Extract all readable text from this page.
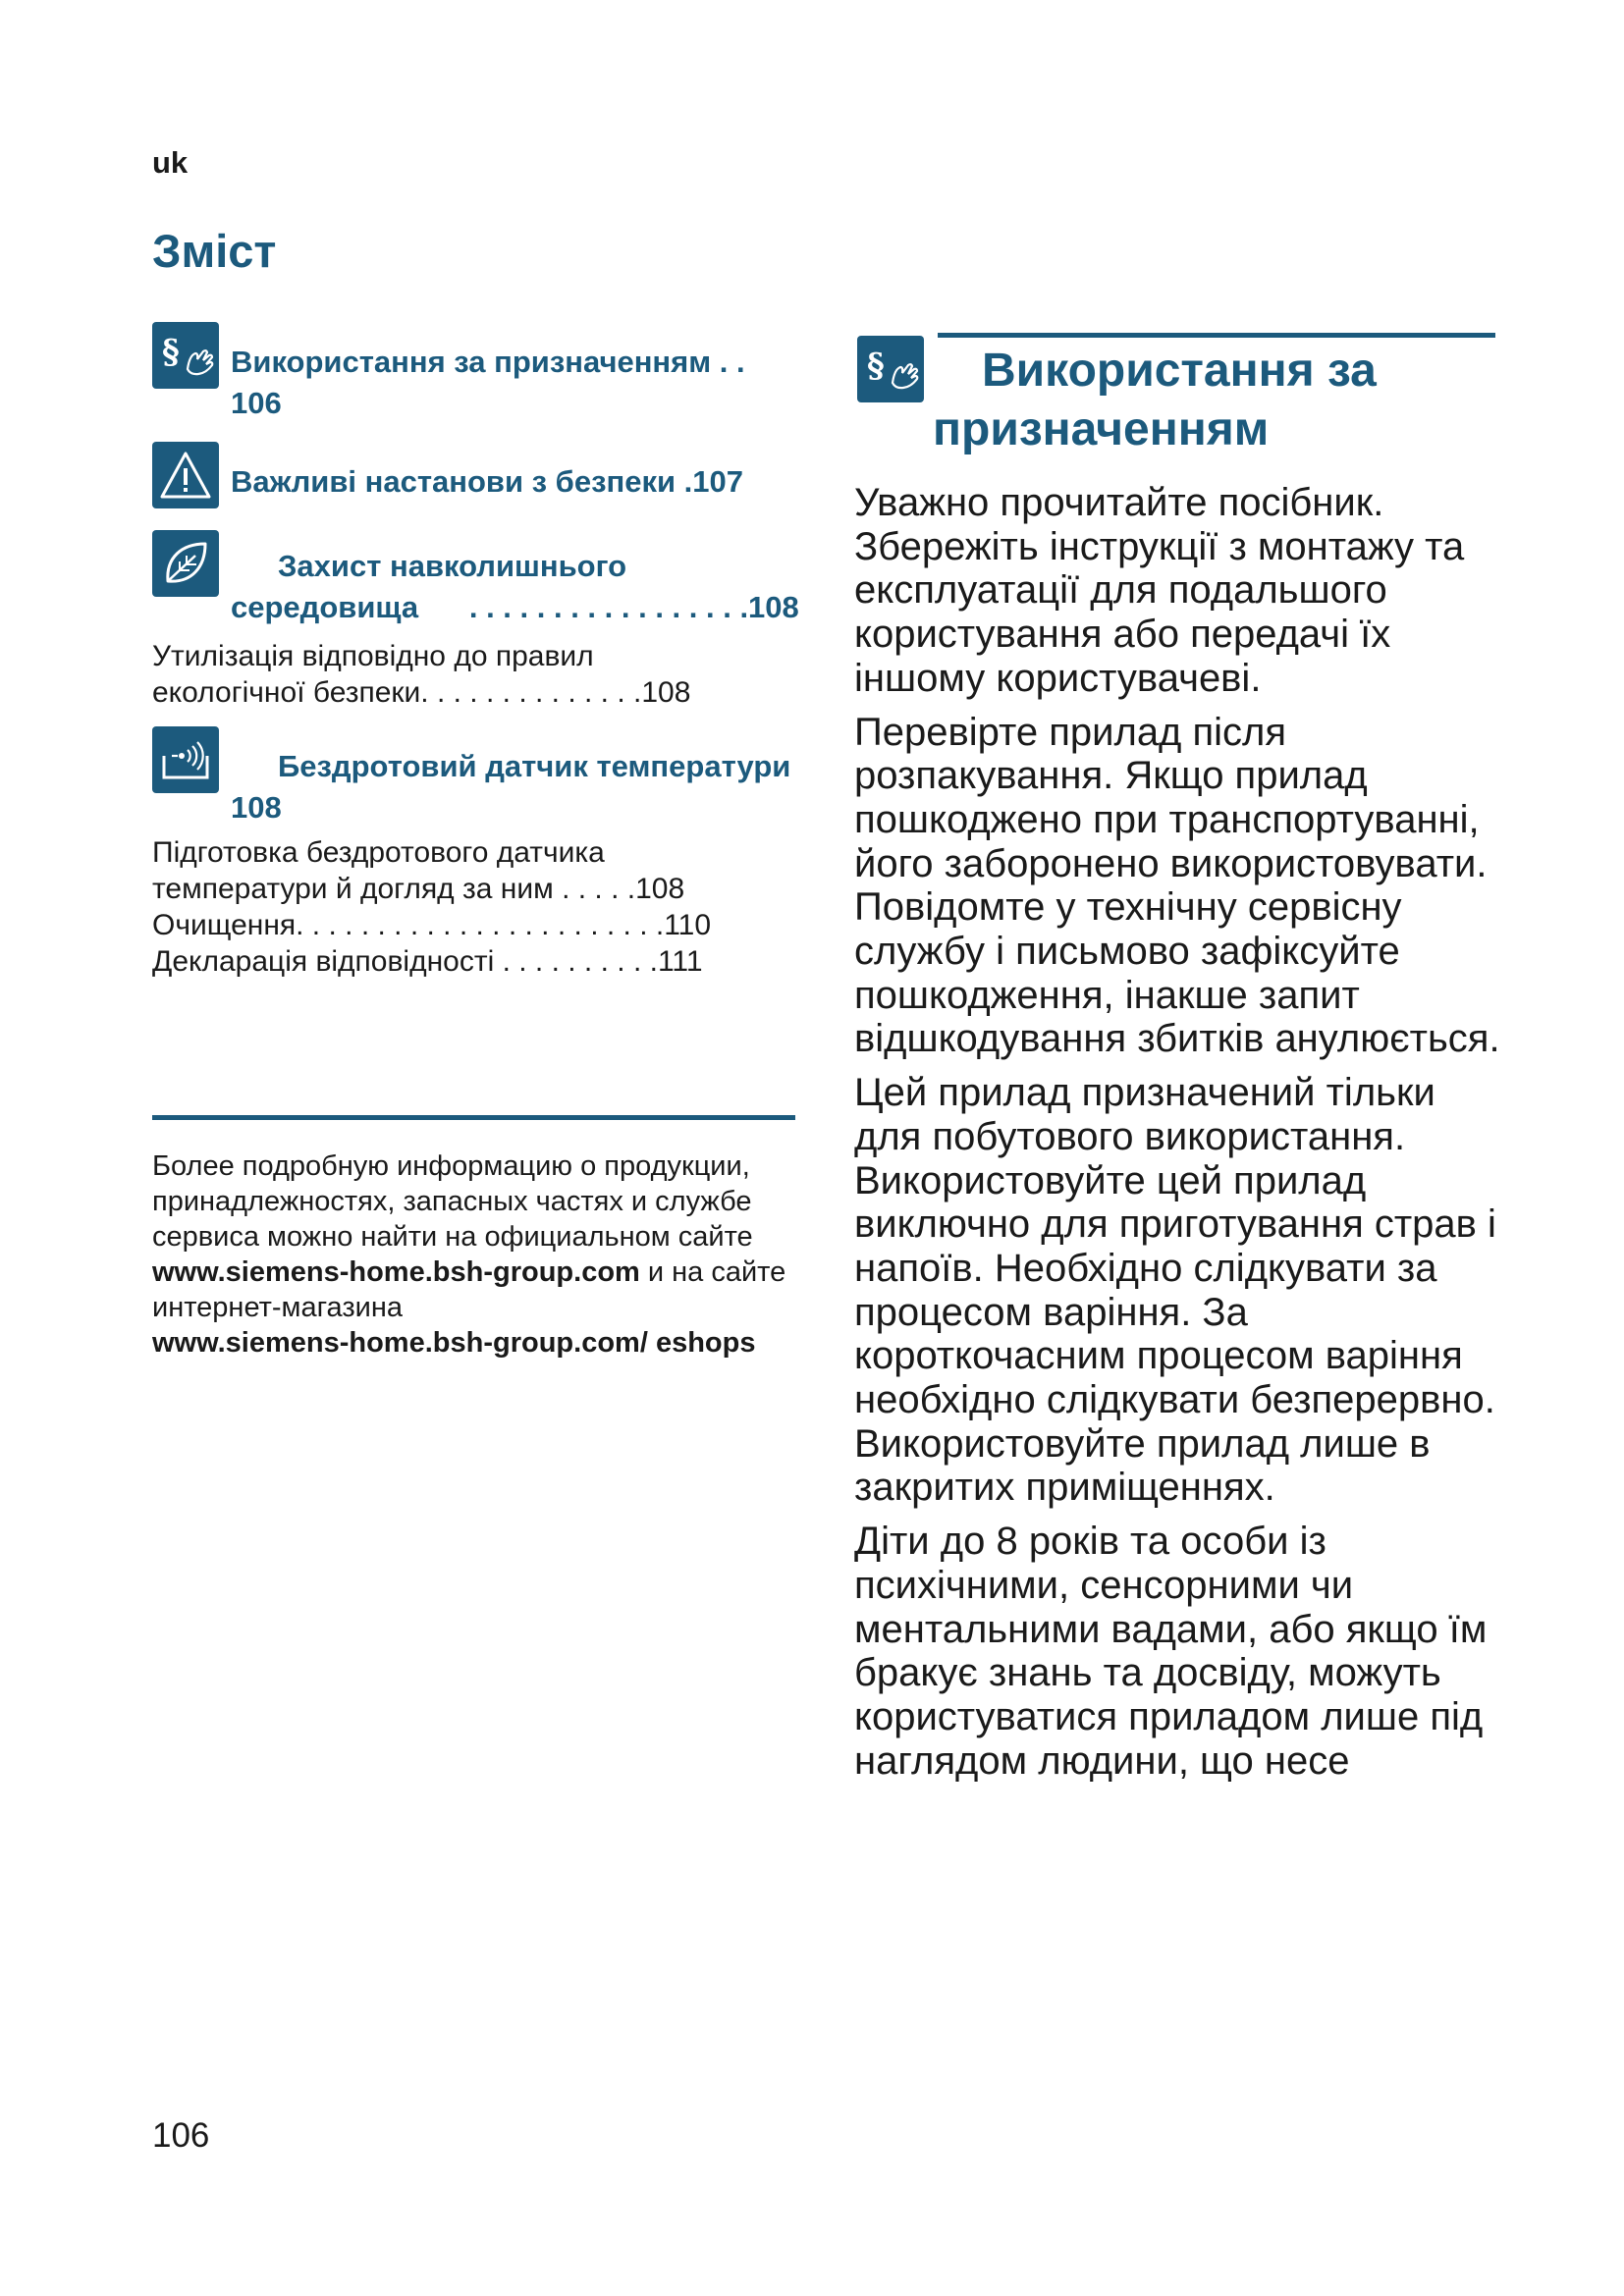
uk
Зміст
§ Використання за призначенням . .
106
Важливі настанови з безпеки .107
Захист навколишнього
середовища      . . . . . . . . . . . . . . . . .108
Утилізація відповідно до правил
екологічної безпеки. . . . . . . . . . . . . .108
Бездротовий датчик температури
108
Підготовка бездротового датчика
температури й догляд за ним . . . . .108
Очищення. . . . . . . . . . . . . . . . . . . . . . .110
Декларація відповідності . . . . . . . . . .111
Более подробную информацию о продукции, принадлежностях, запасных частях и службе сервиса можно найти на официальном сайте
www.siemens-home.bsh-group.com и на сайте интернет-магазина
www.siemens-home.bsh-group.com/ eshops
§	Використання за
призначенням

Уважно прочитайте посібник. Збережіть інструкції з монтажу та експлуатації для подальшого користування або передачі їх іншому користувачеві.

Перевірте прилад після розпакування. Якщо прилад пошкоджено при транспортуванні, його заборонено використовувати. Повідомте у технічну сервісну службу і письмово зафіксуйте пошкодження, інакше запит відшкодування збитків анулюється.

Цей прилад призначений тільки для побутового використання. Використовуйте цей прилад виключно для приготування страв і напоїв. Необхідно слідкувати за процесом варіння. За короткочасним процесом варіння необхідно слідкувати безперервно. Використовуйте прилад лише в закритих приміщеннях.

Діти до 8 років та особи із психічними, сенсорними чи ментальними вадами, або якщо їм бракує знань та досвіду, можуть користуватися приладом лише під наглядом людини, що несе

106
